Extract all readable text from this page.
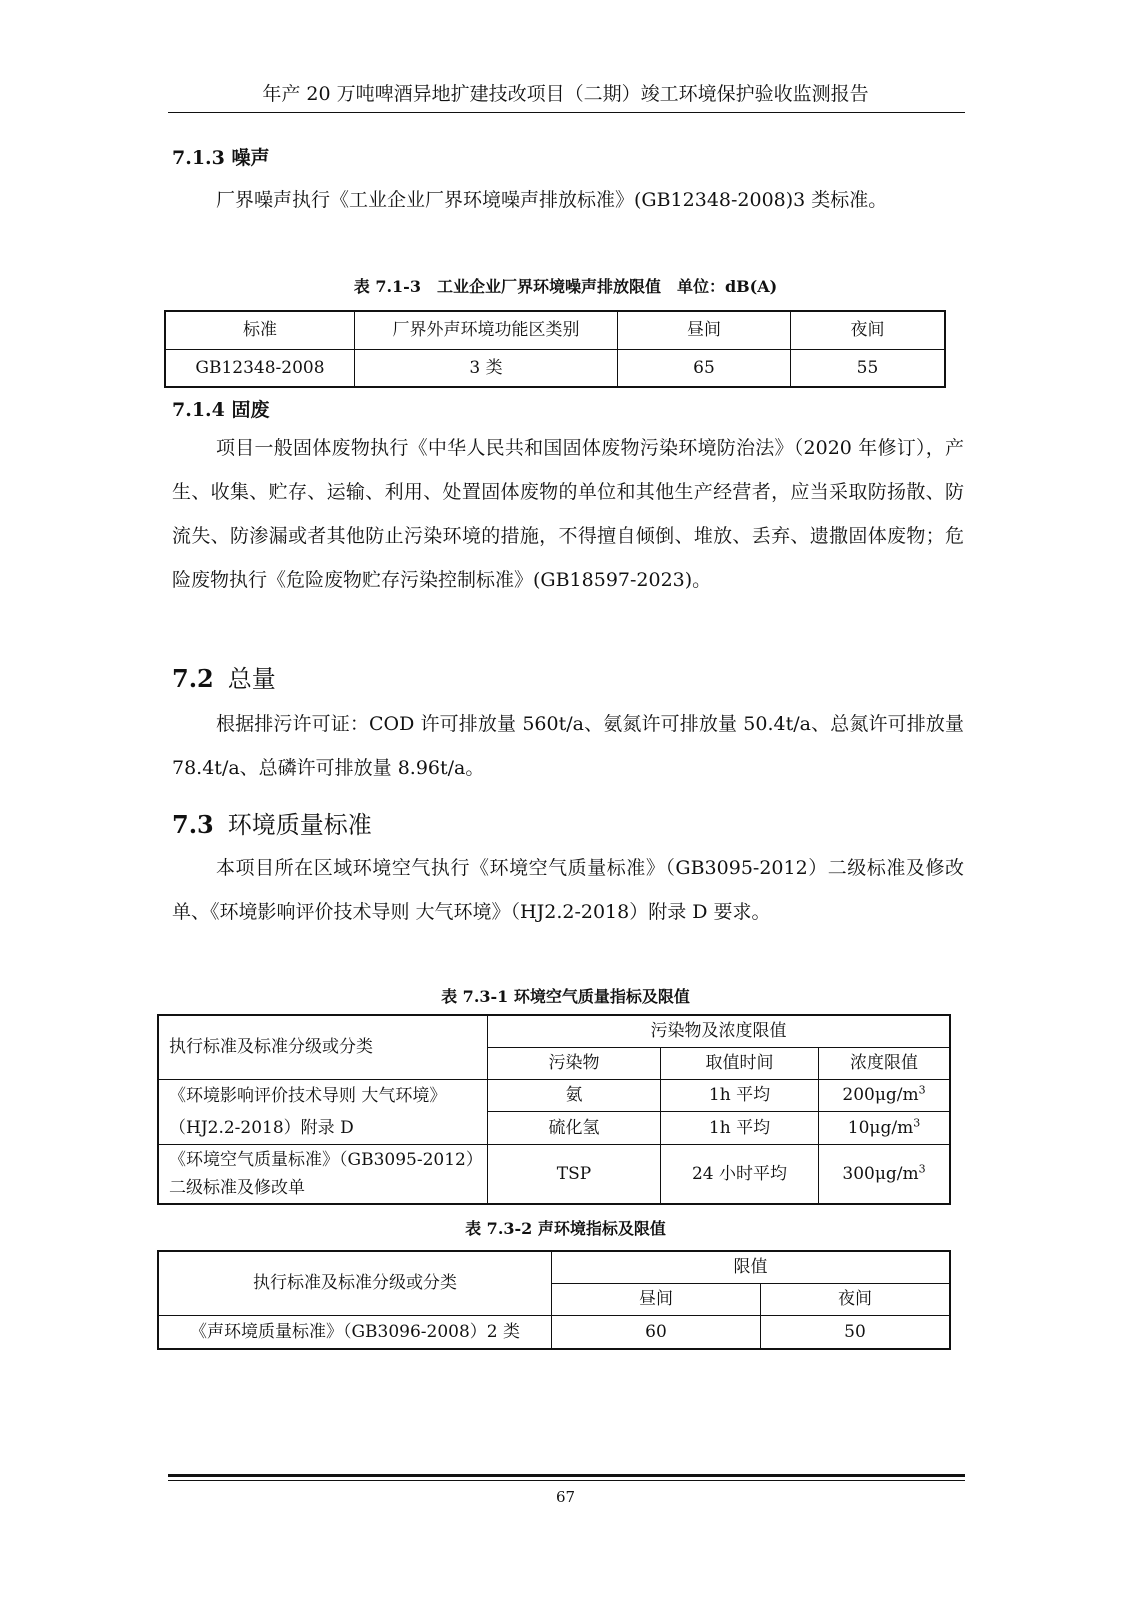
年产 20 万吨啤酒异地扩建技改项目（二期）竣工环境保护验收监测报告
7.1.3 噪声

厂界噪声执行《工业企业厂界环境噪声排放标准》(GB12348-2008)3 类标准。

表 7.1-3　工业企业厂界环境噪声排放限值　单位：dB(A)
标准	厂界外声环境功能区类别	昼间	夜间
GB12348-2008	3 类	65	55
7.1.4 固废

项目一般固体废物执行《中华人民共和国固体废物污染环境防治法》（2020 年修订），产生、收集、贮存、运输、利用、处置固体废物的单位和其他生产经营者，应当采取防扬散、防流失、防渗漏或者其他防止污染环境的措施，不得擅自倾倒、堆放、丢弃、遗撒固体废物；危险废物执行《危险废物贮存污染控制标准》(GB18597-2023)。

7.2 总量

根据排污许可证：COD 许可排放量 560t/a、氨氮许可排放量 50.4t/a、总氮许可排放量 78.4t/a、总磷许可排放量 8.96t/a。

7.3 环境质量标准

本项目所在区域环境空气执行《环境空气质量标准》（GB3095-2012）二级标准及修改单、《环境影响评价技术导则 大气环境》（HJ2.2-2018）附录 D 要求。

表 7.3-1 环境空气质量指标及限值
执行标准及标准分级或分类	污染物及浓度限值		
	污染物	取值时间	浓度限值
《环境影响评价技术导则 大气环境》（HJ2.2-2018）附录 D	氨	1h 平均	$200\mu g/m^3$
	硫化氢	1h 平均	$10\mu g/m^3$
《环境空气质量标准》（GB3095-2012）二级标准及修改单	TSP	24 小时平均	$300\mu g/m^3$
表 7.3-2 声环境指标及限值
执行标准及标准分级或分类	限值	
	昼间	夜间
《声环境质量标准》（GB3096-2008）2 类	60	50
67
